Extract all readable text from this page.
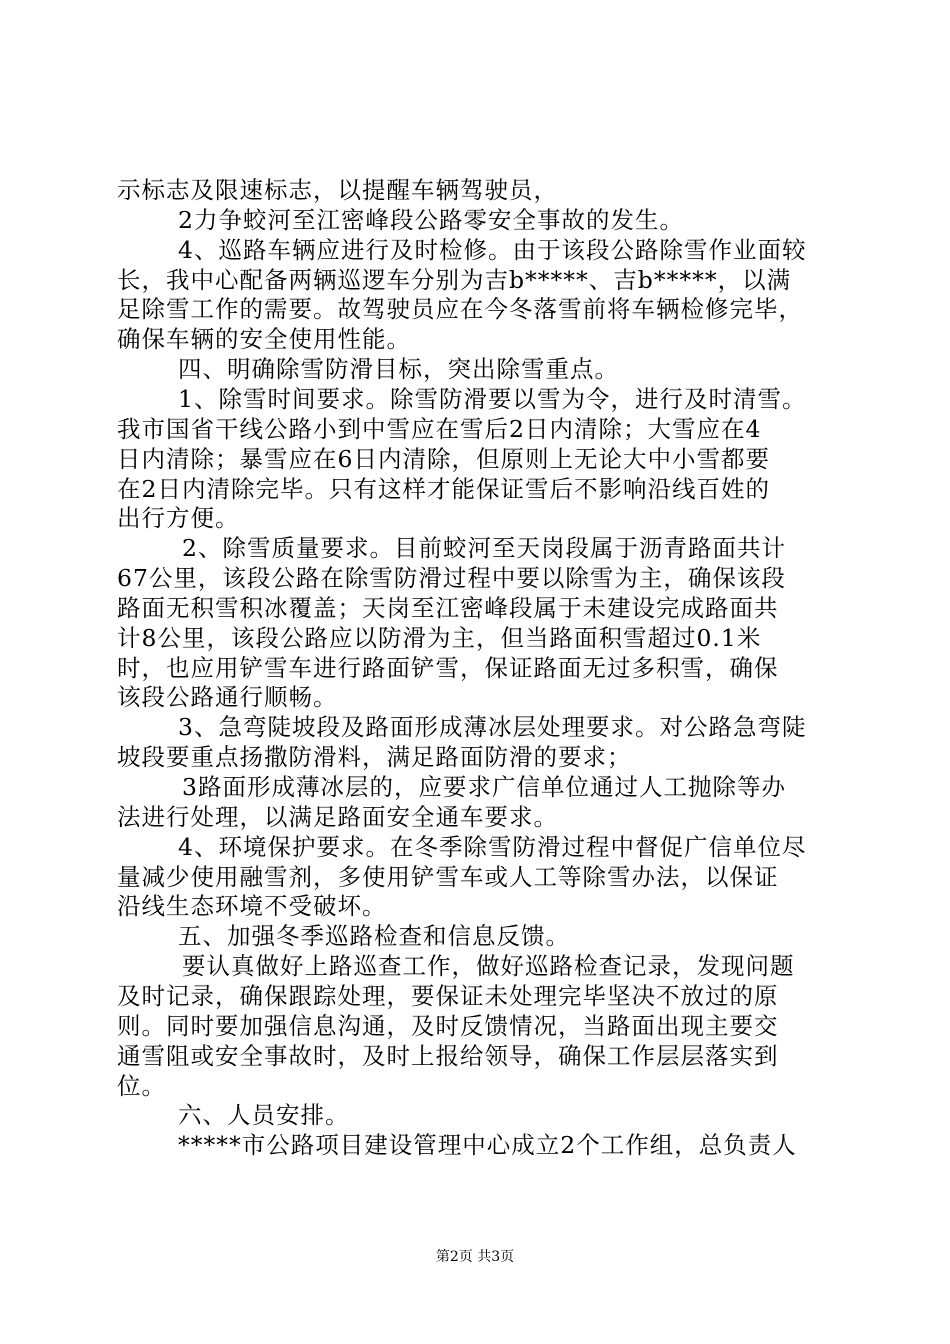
示标志及限速标志，以提醒车辆驾驶员，
2力争蛟河至江密峰段公路零安全事故的发生。
4、巡路车辆应进行及时检修。由于该段公路除雪作业面较
长，我中心配备两辆巡逻车分别为吉b*****、吉b*****，以满
足除雪工作的需要。故驾驶员应在今冬落雪前将车辆检修完毕，
确保车辆的安全使用性能。
四、明确除雪防滑目标，突出除雪重点。
1、除雪时间要求。除雪防滑要以雪为令，进行及时清雪。
我市国省干线公路小到中雪应在雪后2日内清除；大雪应在4
日内清除；暴雪应在6日内清除，但原则上无论大中小雪都要
在2日内清除完毕。只有这样才能保证雪后不影响沿线百姓的
出行方便。
2、除雪质量要求。目前蛟河至天岗段属于沥青路面共计
67公里，该段公路在除雪防滑过程中要以除雪为主，确保该段
路面无积雪积冰覆盖；天岗至江密峰段属于未建设完成路面共
计8公里，该段公路应以防滑为主，但当路面积雪超过0.1米
时，也应用铲雪车进行路面铲雪，保证路面无过多积雪，确保
该段公路通行顺畅。
3、急弯陡坡段及路面形成薄冰层处理要求。对公路急弯陡
坡段要重点扬撒防滑料，满足路面防滑的要求；
3路面形成薄冰层的，应要求广信单位通过人工抛除等办
法进行处理，以满足路面安全通车要求。
4、环境保护要求。在冬季除雪防滑过程中督促广信单位尽
量减少使用融雪剂，多使用铲雪车或人工等除雪办法，以保证
沿线生态环境不受破坏。
五、加强冬季巡路检查和信息反馈。
要认真做好上路巡查工作，做好巡路检查记录，发现问题
及时记录，确保跟踪处理，要保证未处理完毕坚决不放过的原
则。同时要加强信息沟通，及时反馈情况，当路面出现主要交
通雪阻或安全事故时，及时上报给领导，确保工作层层落实到
位。
六、人员安排。
*****市公路项目建设管理中心成立2个工作组，总负责人
第2页 共3页
